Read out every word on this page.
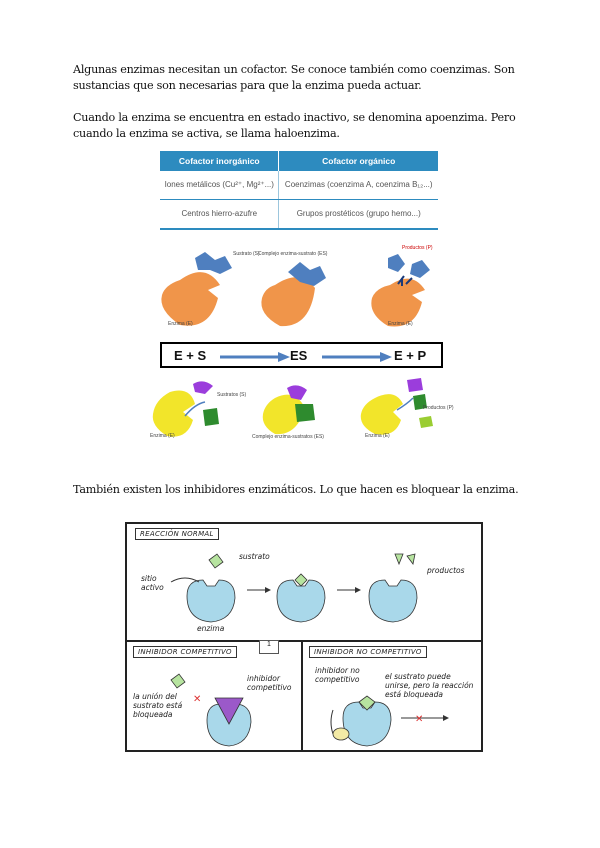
Algunas enzimas necesitan un cofactor. Se conoce también como coenzimas. Son sustancias que son necesarias para que la enzima pueda actuar.

Cuando la enzima se encuentra en estado inactivo, se denomina apoenzima. Pero cuando la enzima se activa, se llama haloenzima.

Cofactor inorgánico	Cofactor orgánico
Iones metálicos (Cu²⁺, Mg²⁺...)	Coenzimas (coenzima A, coenzima B₁₂...)
Centros hierro-azufre	Grupos prostéticos (grupo hemo...)
Sustrato (S)
Complejo enzima-sustrato (ES)
Productos (P)
Enzima (E)	Enzima (E)
E + S	ES	E + P
Sustratos (S)
Enzima (E)	Complejo enzima-sustratos (ES)
Productos (P)
Enzima (E)

También existen los inhibidores enzimáticos. Lo que hacen es bloquear la enzima.

REACCIÓN NORMAL
sustrato
sitio
activo
enzima
productos
INHIBIDOR COMPETITIVO
1
la unión del sustrato está bloqueada
inhibidor competitivo
✕
INHIBIDOR NO COMPETITIVO
inhibidor no competitivo	el sustrato puede unirse, pero la reacción está bloqueada
✕
